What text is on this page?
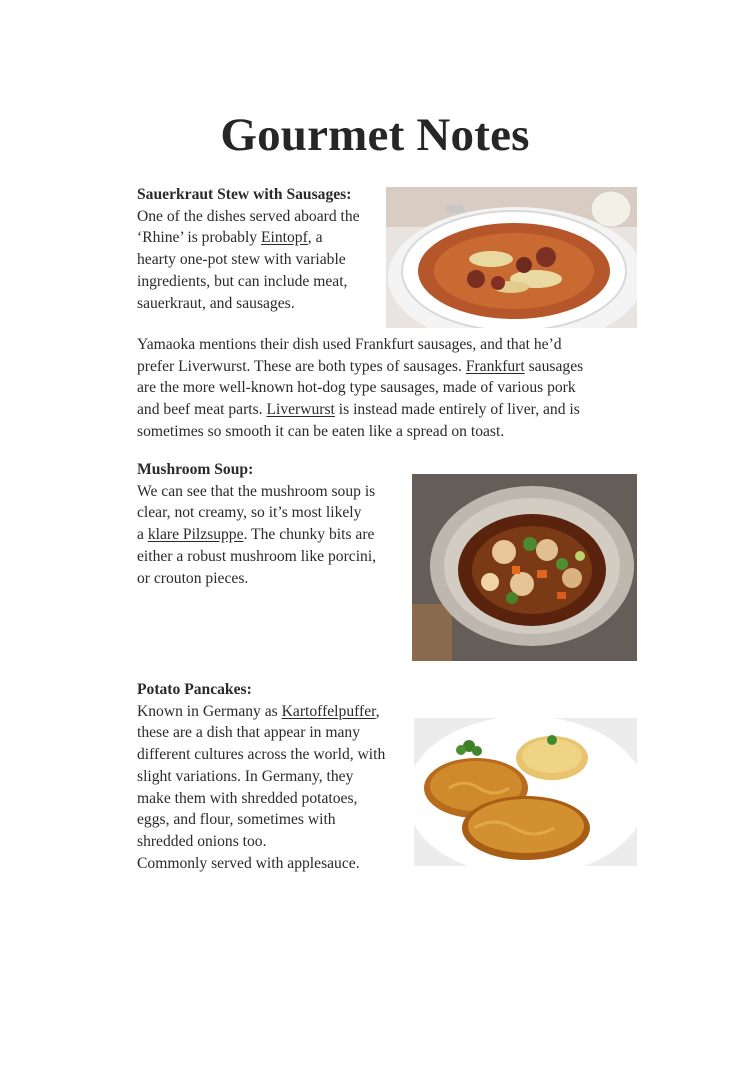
Gourmet Notes
Sauerkraut Stew with Sausages:

One of the dishes served aboard the

‘Rhine’ is probably Eintopf, a

hearty one-pot stew with variable

ingredients, but can include meat,

sauerkraut, and sausages.

Yamaoka mentions their dish used Frankfurt sausages, and that he’d

prefer Liverwurst. These are both types of sausages. Frankfurt sausages

are the more well-known hot-dog type sausages, made of various pork

and beef meat parts. Liverwurst is instead made entirely of liver, and is

sometimes so smooth it can be eaten like a spread on toast.

Mushroom Soup:

We can see that the mushroom soup is

clear, not creamy, so it’s most likely

a klare Pilzsuppe. The chunky bits are

either a robust mushroom like porcini,

or crouton pieces.

Potato Pancakes:

Known in Germany as Kartoffelpuffer,

these are a dish that appear in many

different cultures across the world, with

slight variations. In Germany, they

make them with shredded potatoes,

eggs, and flour, sometimes with

shredded onions too.

Commonly served with applesauce.
